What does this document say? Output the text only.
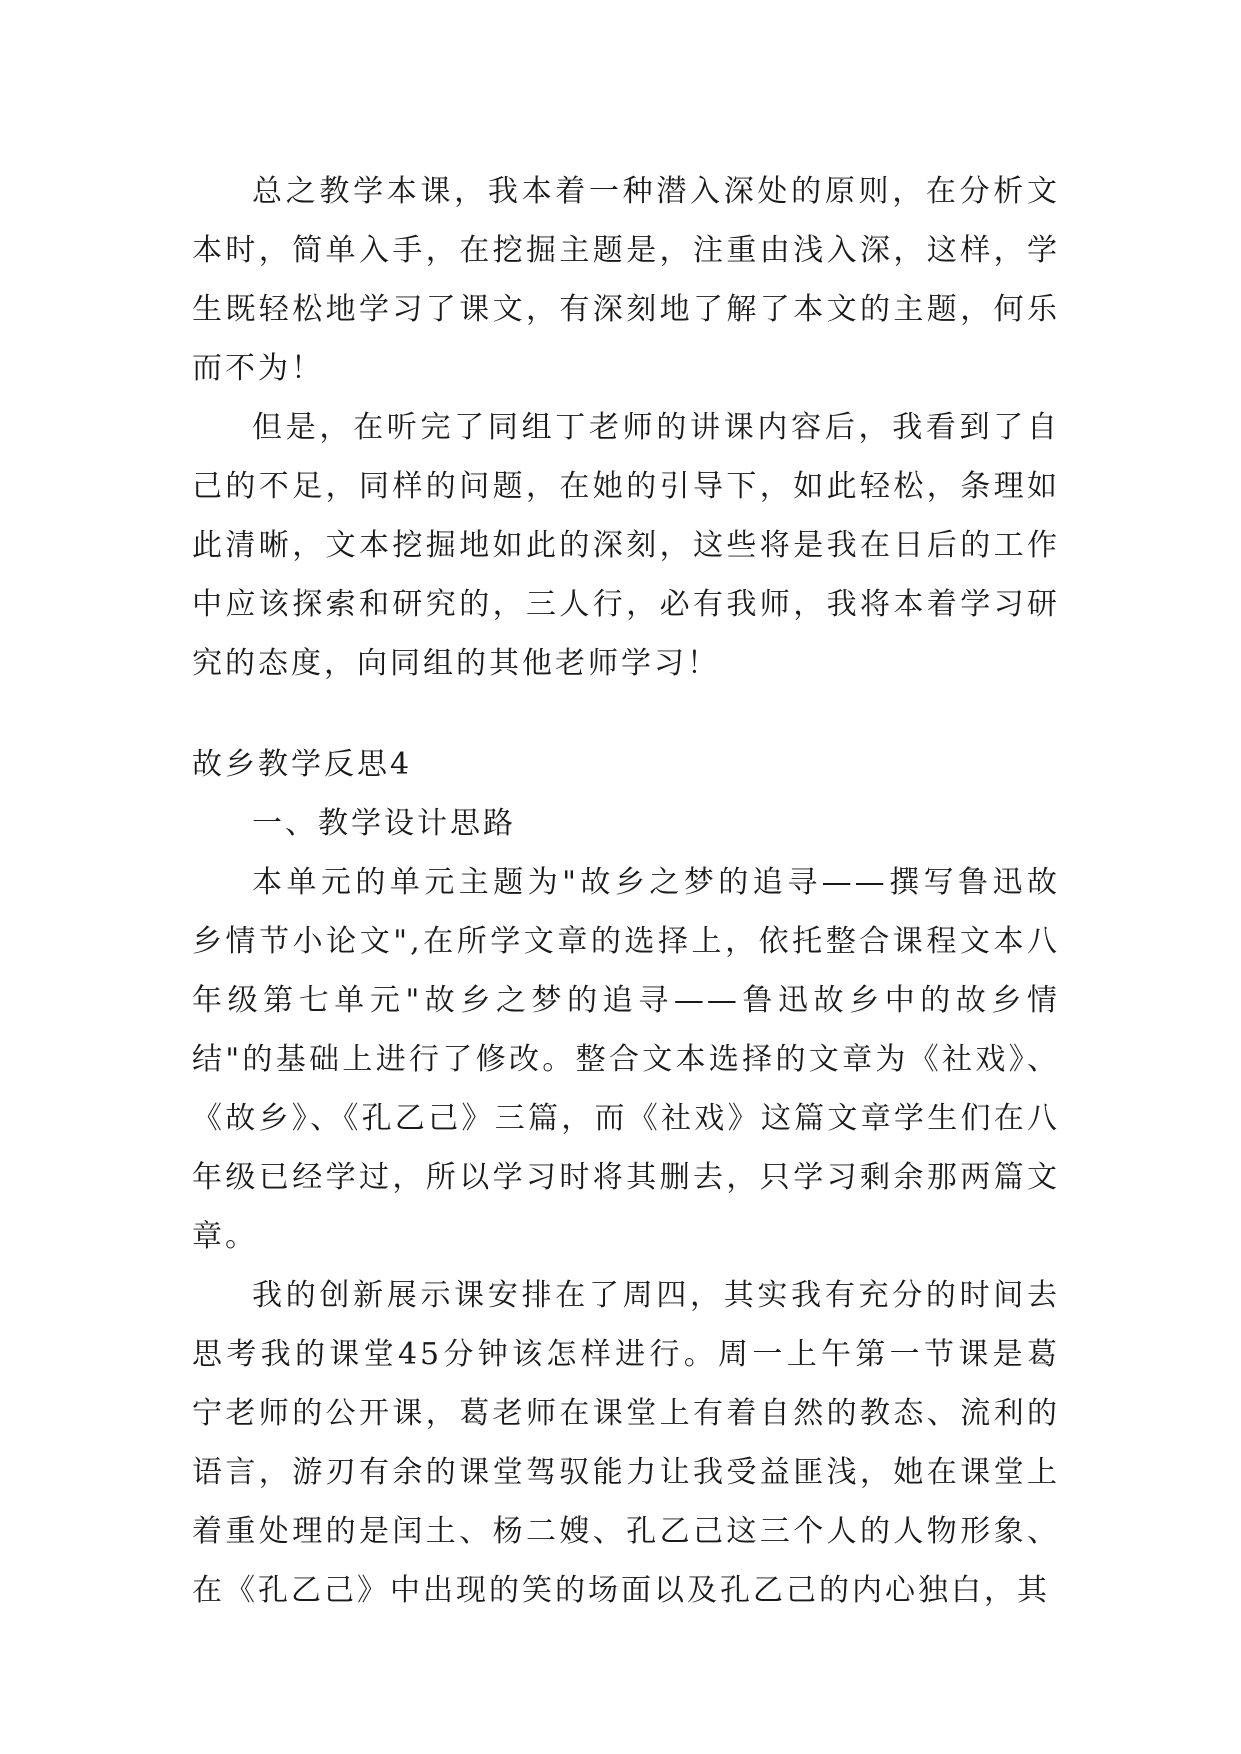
总之教学本课，我本着一种潜入深处的原则，在分析文本时，简单入手，在挖掘主题是，注重由浅入深，这样，学生既轻松地学习了课文，有深刻地了解了本文的主题，何乐而不为！

但是，在听完了同组丁老师的讲课内容后，我看到了自己的不足，同样的问题，在她的引导下，如此轻松，条理如此清晰，文本挖掘地如此的深刻，这些将是我在日后的工作中应该探索和研究的，三人行，必有我师，我将本着学习研究的态度，向同组的其他老师学习！

故乡教学反思4

一、教学设计思路

本单元的单元主题为"故乡之梦的追寻——撰写鲁迅故乡情节小论文",在所学文章的选择上，依托整合课程文本八年级第七单元"故乡之梦的追寻——鲁迅故乡中的故乡情结"的基础上进行了修改。整合文本选择的文章为《社戏》、《故乡》、《孔乙己》三篇，而《社戏》这篇文章学生们在八年级已经学过，所以学习时将其删去，只学习剩余那两篇文章。

我的创新展示课安排在了周四，其实我有充分的时间去思考我的课堂45分钟该怎样进行。周一上午第一节课是葛宁老师的公开课，葛老师在课堂上有着自然的教态、流利的语言，游刃有余的课堂驾驭能力让我受益匪浅，她在课堂上着重处理的是闰土、杨二嫂、孔乙己这三个人的人物形象、在《孔乙己》中出现的笑的场面以及孔乙己的内心独白，其
